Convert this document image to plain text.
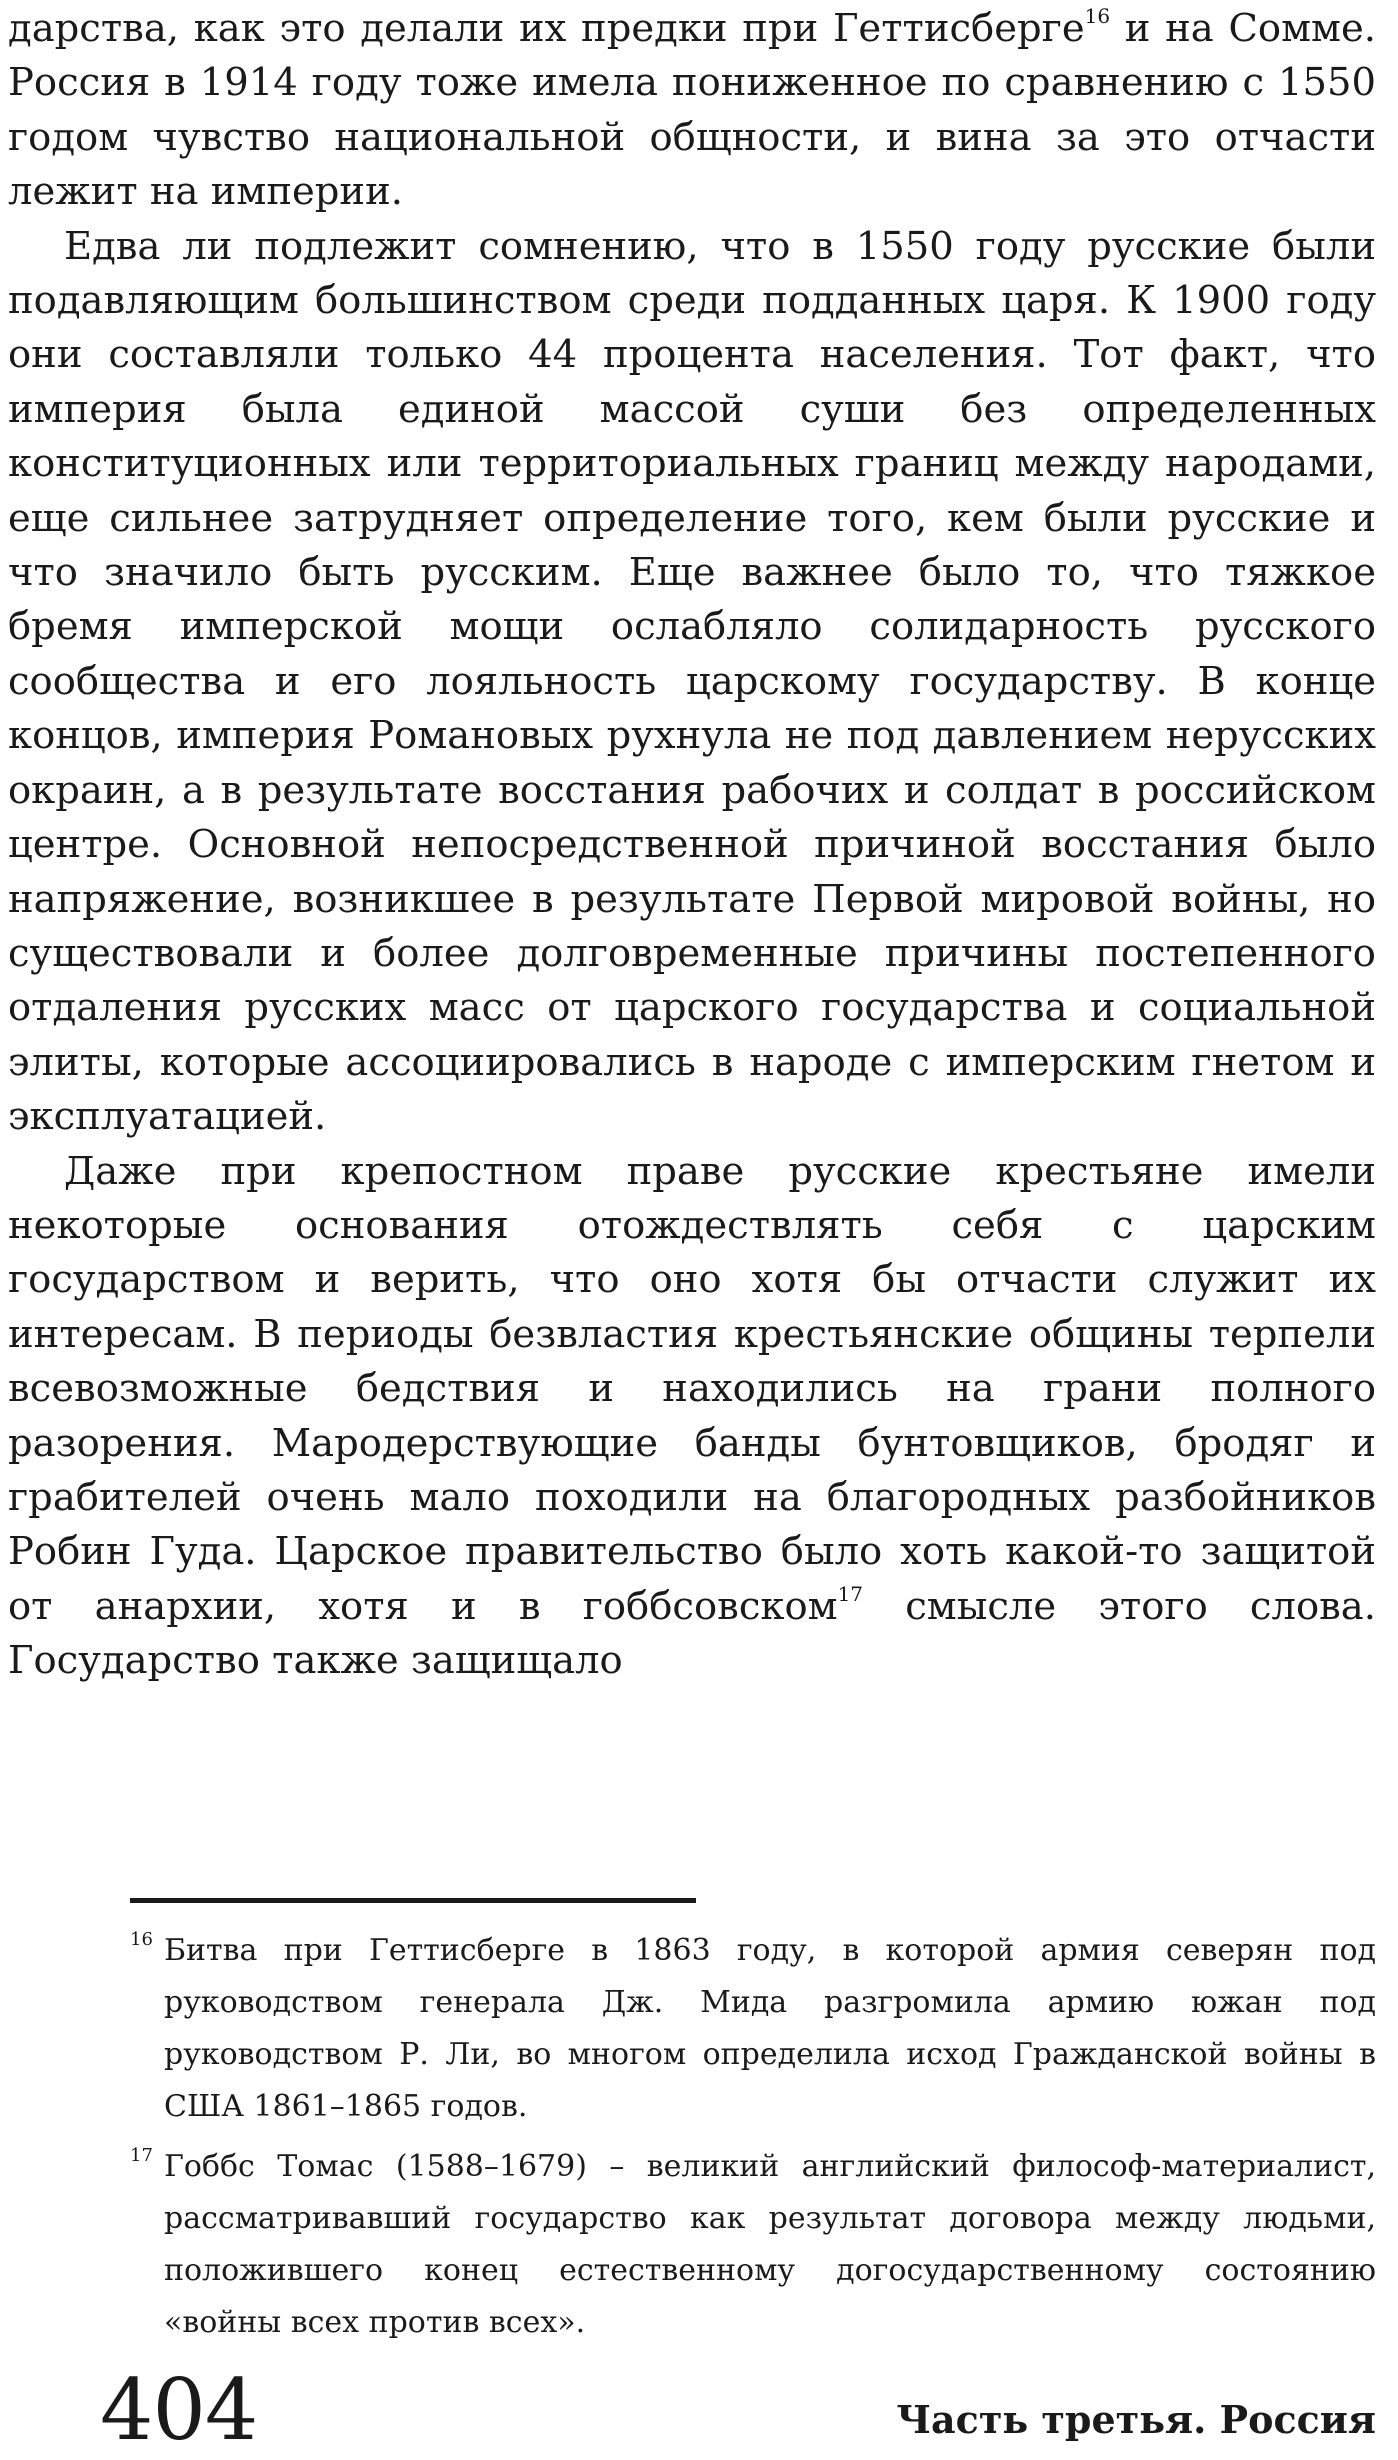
дарства, как это делали их предки при Геттисберге$^{16}$ и на Сомме. Россия в 1914 году тоже имела пониженное по сравнению с 1550 годом чувство национальной общности, и вина за это отчасти лежит на империи.

Едва ли подлежит сомнению, что в 1550 году русские были подавляющим большинством среди подданных царя. К 1900 году они составляли только 44 процента населения. Тот факт, что империя была единой массой суши без определенных конституционных или территориальных границ между народами, еще сильнее затрудняет определение того, кем были русские и что значило быть русским. Еще важнее было то, что тяжкое бремя имперской мощи ослабляло солидарность русского сообщества и его лояльность царскому государству. В конце концов, империя Романовых рухнула не под давлением нерусских окраин, а в результате восстания рабочих и солдат в российском центре. Основной непосредственной причиной восстания было напряжение, возникшее в результате Первой мировой войны, но существовали и более долговременные причины постепенного отдаления русских масс от царского государства и социальной элиты, которые ассоциировались в народе с имперским гнетом и эксплуатацией.

Даже при крепостном праве русские крестьяне имели некоторые основания отождествлять себя с царским государством и верить, что оно хотя бы отчасти служит их интересам. В периоды безвластия крестьянские общины терпели всевозможные бедствия и находились на грани полного разорения. Мародерствующие банды бунтовщиков, бродяг и грабителей очень мало походили на благородных разбойников Робин Гуда. Царское правительство было хоть какой-то защитой от анархии, хотя и в гоббсовском$^{17}$ смысле этого слова. Государство также защищало

16 Битва при Геттисберге в 1863 году, в которой армия северян под руководством генерала Дж. Мида разгромила армию южан под руководством Р. Ли, во многом определила исход Гражданской войны в США 1861–1865 годов.

17 Гоббс Томас (1588–1679) – великий английский философ-материалист, рассматривавший государство как результат договора между людьми, положившего конец естественному догосударственному состоянию «войны всех против всех».

404	Часть третья. Россия
